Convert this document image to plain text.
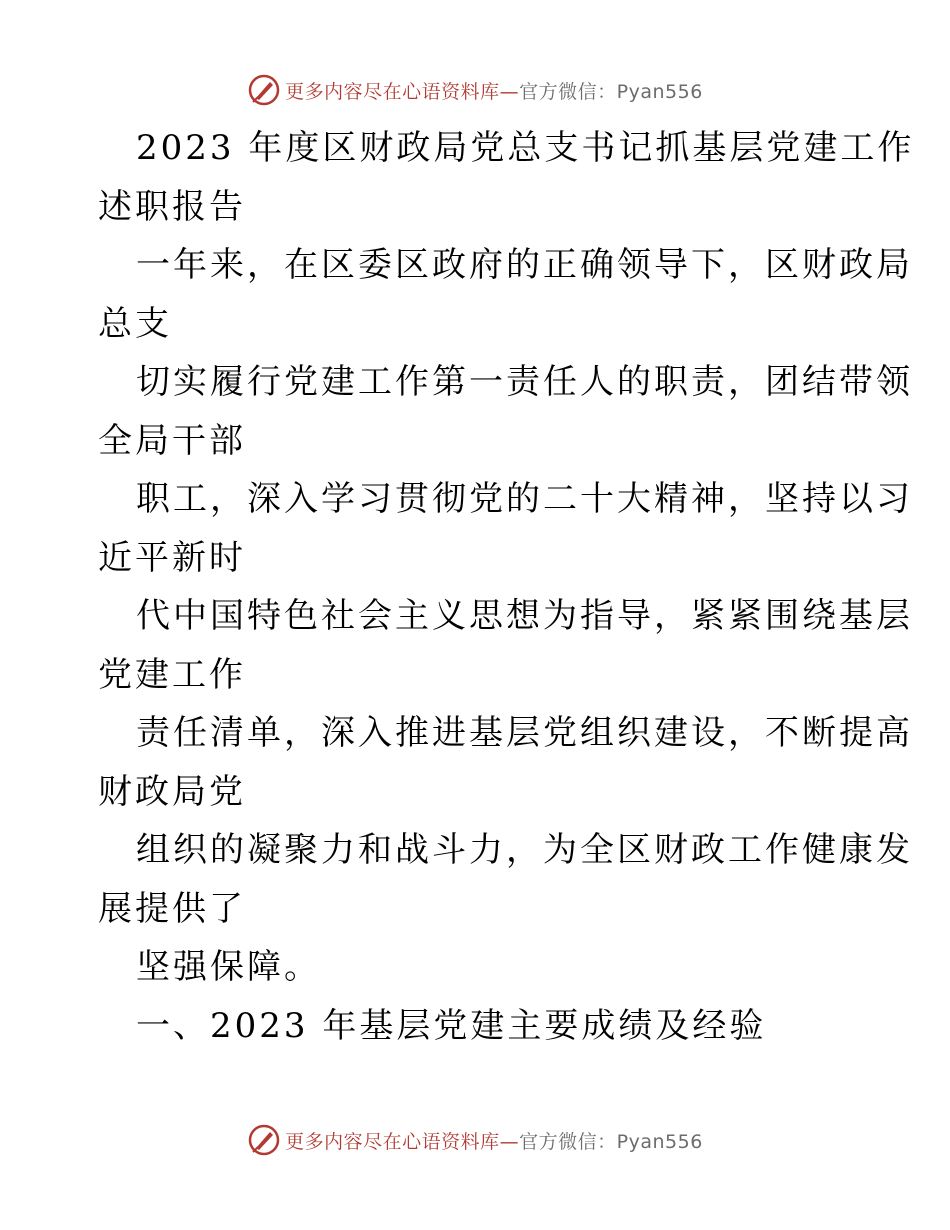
更多内容尽在心语资料库—官方微信：Pyan556
2023 年度区财政局党总支书记抓基层党建工作
述职报告
一年来，在区委区政府的正确领导下，区财政局
总支
切实履行党建工作第一责任人的职责，团结带领
全局干部
职工，深入学习贯彻党的二十大精神，坚持以习
近平新时
代中国特色社会主义思想为指导，紧紧围绕基层
党建工作
责任清单，深入推进基层党组织建设，不断提高
财政局党
组织的凝聚力和战斗力，为全区财政工作健康发
展提供了
坚强保障。
一、2023 年基层党建主要成绩及经验
更多内容尽在心语资料库—官方微信：Pyan556
